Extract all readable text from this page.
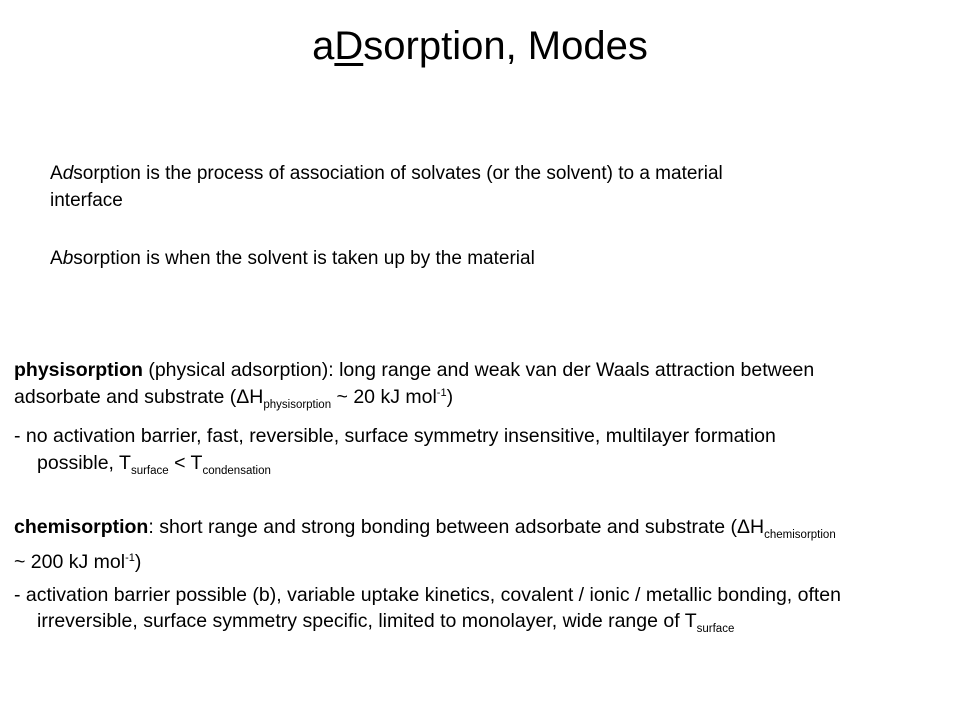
aDsorption, Modes
Adsorption is the process of association of solvates (or the solvent) to a material
interface
Absorption is when the solvent is taken up by the material
physisorption (physical adsorption): long range and weak van der Waals attraction between
adsorbate and substrate ($\Delta H_{physisorption}$ ~ 20 kJ mol$^{-1}$)
- no activation barrier, fast, reversible, surface symmetry insensitive, multilayer formation
possible, $T_{surface} < T_{condensation}$
chemisorption: short range and strong bonding between adsorbate and substrate ($\Delta H_{chemisorption}$
~ 200 kJ mol$^{-1}$)
- activation barrier possible (b), variable uptake kinetics, covalent / ionic / metallic bonding, often
irreversible, surface symmetry specific, limited to monolayer, wide range of $T_{surface}$
